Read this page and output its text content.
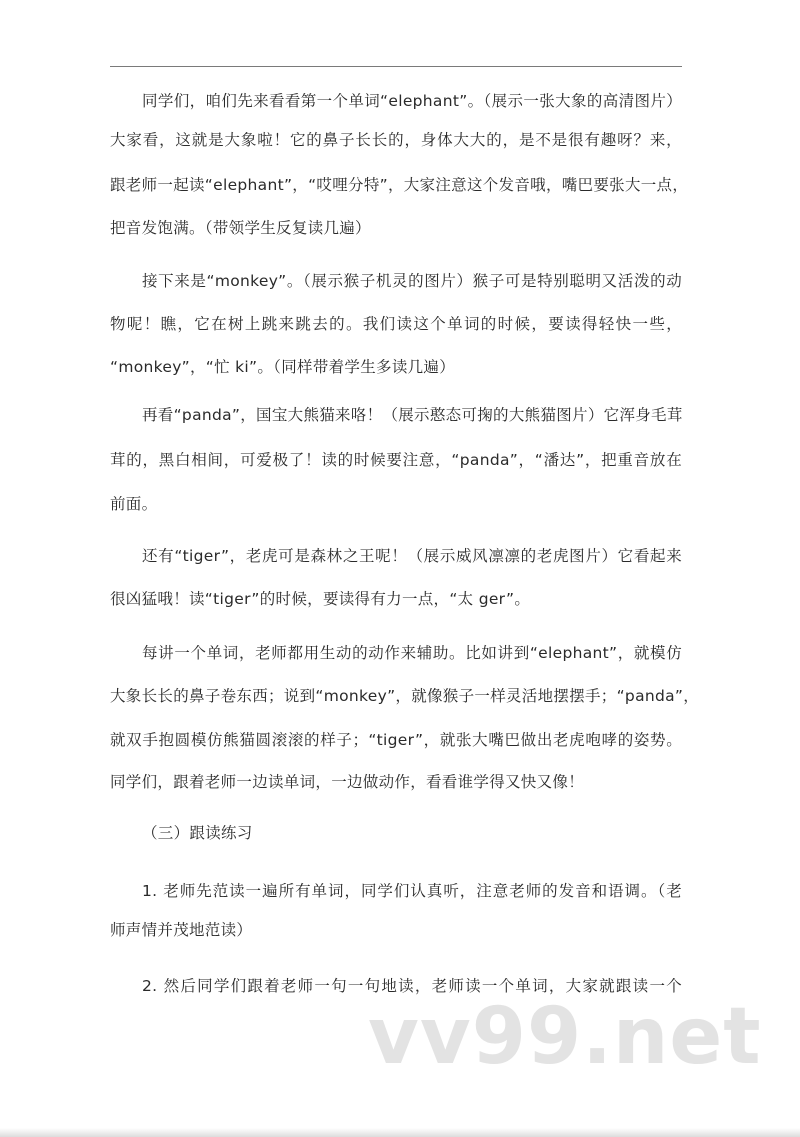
同学们，咱们先来看看第一个单词“elephant”。（展示一张大象的高清图片）
大家看，这就是大象啦！它的鼻子长长的，身体大大的，是不是很有趣呀？来，
跟老师一起读“elephant”，“哎哩分特”，大家注意这个发音哦，嘴巴要张大一点，
把音发饱满。（带领学生反复读几遍）
接下来是“monkey”。（展示猴子机灵的图片）猴子可是特别聪明又活泼的动
物呢！瞧，它在树上跳来跳去的。我们读这个单词的时候，要读得轻快一些，
“monkey”，“忙 ki”。（同样带着学生多读几遍）
再看“panda”，国宝大熊猫来咯！（展示憨态可掬的大熊猫图片）它浑身毛茸
茸的，黑白相间，可爱极了！读的时候要注意，“panda”，“潘达”，把重音放在
前面。
还有“tiger”，老虎可是森林之王呢！（展示威风凛凛的老虎图片）它看起来
很凶猛哦！读“tiger”的时候，要读得有力一点，“太 ger”。
每讲一个单词，老师都用生动的动作来辅助。比如讲到“elephant”，就模仿
大象长长的鼻子卷东西；说到“monkey”，就像猴子一样灵活地摆摆手；“panda”，
就双手抱圆模仿熊猫圆滚滚的样子；“tiger”，就张大嘴巴做出老虎咆哮的姿势。
同学们，跟着老师一边读单词，一边做动作，看看谁学得又快又像！
（三）跟读练习
1. 老师先范读一遍所有单词，同学们认真听，注意老师的发音和语调。（老
师声情并茂地范读）
2. 然后同学们跟着老师一句一句地读，老师读一个单词，大家就跟读一个
vv99.net
